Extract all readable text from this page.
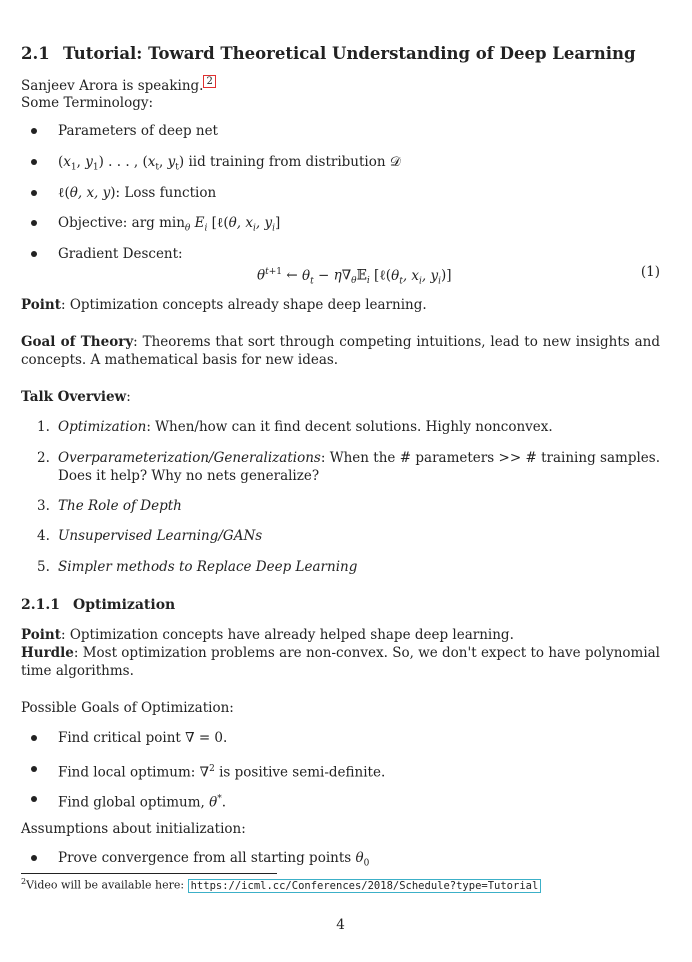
2.1 Tutorial: Toward Theoretical Understanding of Deep Learning
Sanjeev Arora is speaking. 2
Some Terminology:
Parameters of deep net
($x_1$, $y_1$) . . . , ($x_t$, $y_t$) iid training from distribution 𝒟
ℓ(θ, x, y): Loss function
Objective: arg $\min_\theta E_i$ [ℓ(θ, $x_i$, $y_i$]
Gradient Descent:
$\theta^{t+1}$ ← $\theta_t$ − $\eta\nabla_\theta 𝔼_i$ [$\ell(\theta_t$, $x_i$, $y_i$)]	(1)
Point: Optimization concepts already shape deep learning.
Goal of Theory: Theorems that sort through competing intuitions, lead to new insights and concepts. A mathematical basis for new ideas.
Talk Overview:
1. Optimization: When/how can it find decent solutions. Highly nonconvex.
2. Overparameterization/Generalizations: When the # parameters >> # training samples. Does it help? Why no nets generalize?
3. The Role of Depth
4. Unsupervised Learning/GANs
5. Simpler methods to Replace Deep Learning
2.1.1 Optimization
Point: Optimization concepts have already helped shape deep learning.
Hurdle: Most optimization problems are non-convex. So, we don't expect to have polynomial time algorithms.
Possible Goals of Optimization:
Find critical point ∇ = 0.
Find local optimum: ∇$^2$ is positive semi-definite.
Find global optimum, θ*.
Assumptions about initialization:
Prove convergence from all starting points $\theta_0$
$^2$Video will be available here: https://icml.cc/Conferences/2018/Schedule?type=Tutorial
4
